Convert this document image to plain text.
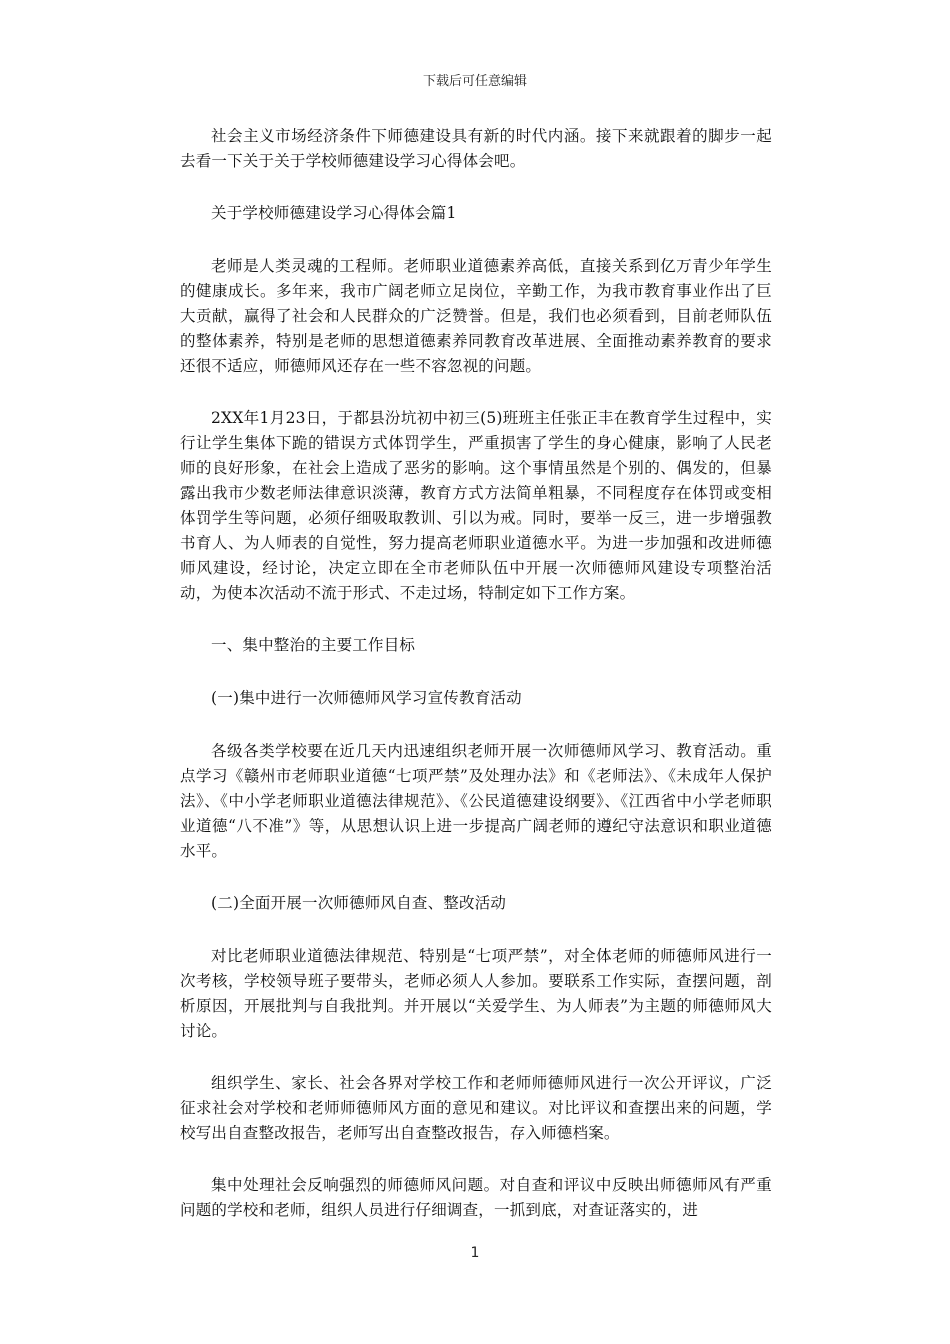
下载后可任意编辑

社会主义市场经济条件下师德建设具有新的时代内涵。接下来就跟着的脚步一起去看一下关于关于学校师德建设学习心得体会吧。

关于学校师德建设学习心得体会篇1

老师是人类灵魂的工程师。老师职业道德素养高低，直接关系到亿万青少年学生的健康成长。多年来，我市广阔老师立足岗位，辛勤工作，为我市教育事业作出了巨大贡献，赢得了社会和人民群众的广泛赞誉。但是，我们也必须看到，目前老师队伍的整体素养，特别是老师的思想道德素养同教育改革进展、全面推动素养教育的要求还很不适应，师德师风还存在一些不容忽视的问题。

2XX年1月23日，于都县汾坑初中初三(5)班班主任张正丰在教育学生过程中，实行让学生集体下跪的错误方式体罚学生，严重损害了学生的身心健康，影响了人民老师的良好形象，在社会上造成了恶劣的影响。这个事情虽然是个别的、偶发的，但暴露出我市少数老师法律意识淡薄，教育方式方法简单粗暴，不同程度存在体罚或变相体罚学生等问题，必须仔细吸取教训、引以为戒。同时，要举一反三，进一步增强教书育人、为人师表的自觉性，努力提高老师职业道德水平。为进一步加强和改进师德师风建设，经讨论，决定立即在全市老师队伍中开展一次师德师风建设专项整治活动，为使本次活动不流于形式、不走过场，特制定如下工作方案。

一、集中整治的主要工作目标

(一)集中进行一次师德师风学习宣传教育活动

各级各类学校要在近几天内迅速组织老师开展一次师德师风学习、教育活动。重点学习《赣州市老师职业道德“七项严禁”及处理办法》和《老师法》、《未成年人保护法》、《中小学老师职业道德法律规范》、《公民道德建设纲要》、《江西省中小学老师职业道德“八不准”》等，从思想认识上进一步提高广阔老师的遵纪守法意识和职业道德水平。

(二)全面开展一次师德师风自查、整改活动

对比老师职业道德法律规范、特别是“七项严禁”，对全体老师的师德师风进行一次考核，学校领导班子要带头，老师必须人人参加。要联系工作实际，查摆问题，剖析原因，开展批判与自我批判。并开展以“关爱学生、为人师表”为主题的师德师风大讨论。

组织学生、家长、社会各界对学校工作和老师师德师风进行一次公开评议，广泛征求社会对学校和老师师德师风方面的意见和建议。对比评议和查摆出来的问题，学校写出自查整改报告，老师写出自查整改报告，存入师德档案。

集中处理社会反响强烈的师德师风问题。对自查和评议中反映出师德师风有严重问题的学校和老师，组织人员进行仔细调查，一抓到底，对查证落实的，进

1
